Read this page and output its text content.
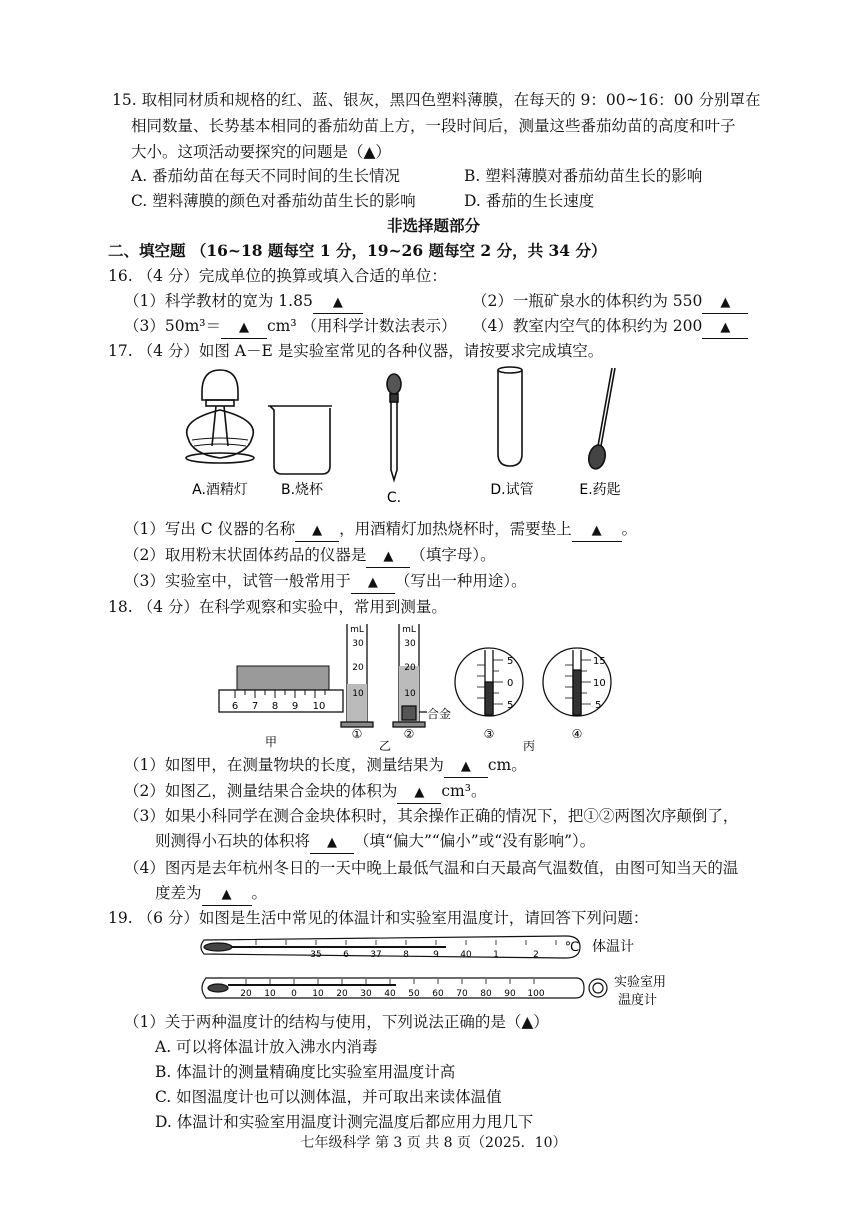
15. 取相同材质和规格的红、蓝、银灰，黑四色塑料薄膜，在每天的 9：00~16：00 分别罩在
相同数量、长势基本相同的番茄幼苗上方，一段时间后，测量这些番茄幼苗的高度和叶子
大小。这项活动要探究的问题是（▲）
A. 番茄幼苗在每天不同时间的生长情况	B. 塑料薄膜对番茄幼苗生长的影响
C. 塑料薄膜的颜色对番茄幼苗生长的影响	D. 番茄的生长速度
非选择题部分
二、填空题 （16~18 题每空 1 分，19~26 题每空 2 分，共 34 分）
16. （4 分）完成单位的换算或填入合适的单位：
（1）科学教材的宽为 1.85 ▲	（2）一瓶矿泉水的体积约为 550 ▲
（3）50m³＝ ▲ cm³ （用科学计数法表示） （4）教室内空气的体积约为 200 ▲
17. （4 分）如图 A－E 是实验室常见的各种仪器，请按要求完成填空。
A.酒精灯 B.烧杯	C.	D.试管	E.药匙
（1）写出 C 仪器的名称 ▲ ，用酒精灯加热烧杯时，需要垫上 ▲ 。
（2）取用粉末状固体药品的仪器是 ▲ （填字母）。
（3）实验室中，试管一般常用于 ▲ （写出一种用途）。
18. （4 分）在科学观察和实验中，常用到测量。
6 7 8 9 10
甲
mL
30
20
10
①
mL
30
20
10
合金
②
乙
5
0
5
③
15
10
5
④
丙
（1）如图甲，在测量物块的长度，测量结果为 ▲ cm。
（2）如图乙，测量结果合金块的体积为 ▲ cm³。
（3）如果小科同学在测合金块体积时，其余操作正确的情况下，把①②两图次序颠倒了，
则测得小石块的体积将 ▲ （填“偏大”“偏小”或“没有影响”）。
（4）图丙是去年杭州冬日的一天中晚上最低气温和白天最高气温数值，由图可知当天的温
度差为 ▲ 。
19. （6 分）如图是生活中常见的体温计和实验室用温度计，请回答下列问题：
35 6 37 8	9 40 1	2 ℃ 体温计
20 10 0 10 20 30 40 50 60 70 80 90 100
实验室用
温度计
（1）关于两种温度计的结构与使用，下列说法正确的是（▲）
A. 可以将体温计放入沸水内消毒
B. 体温计的测量精确度比实验室用温度计高
C. 如图温度计也可以测体温，并可取出来读体温值
D. 体温计和实验室用温度计测完温度后都应用力甩几下
七年级科学 第 3 页 共 8 页（2025．10）
